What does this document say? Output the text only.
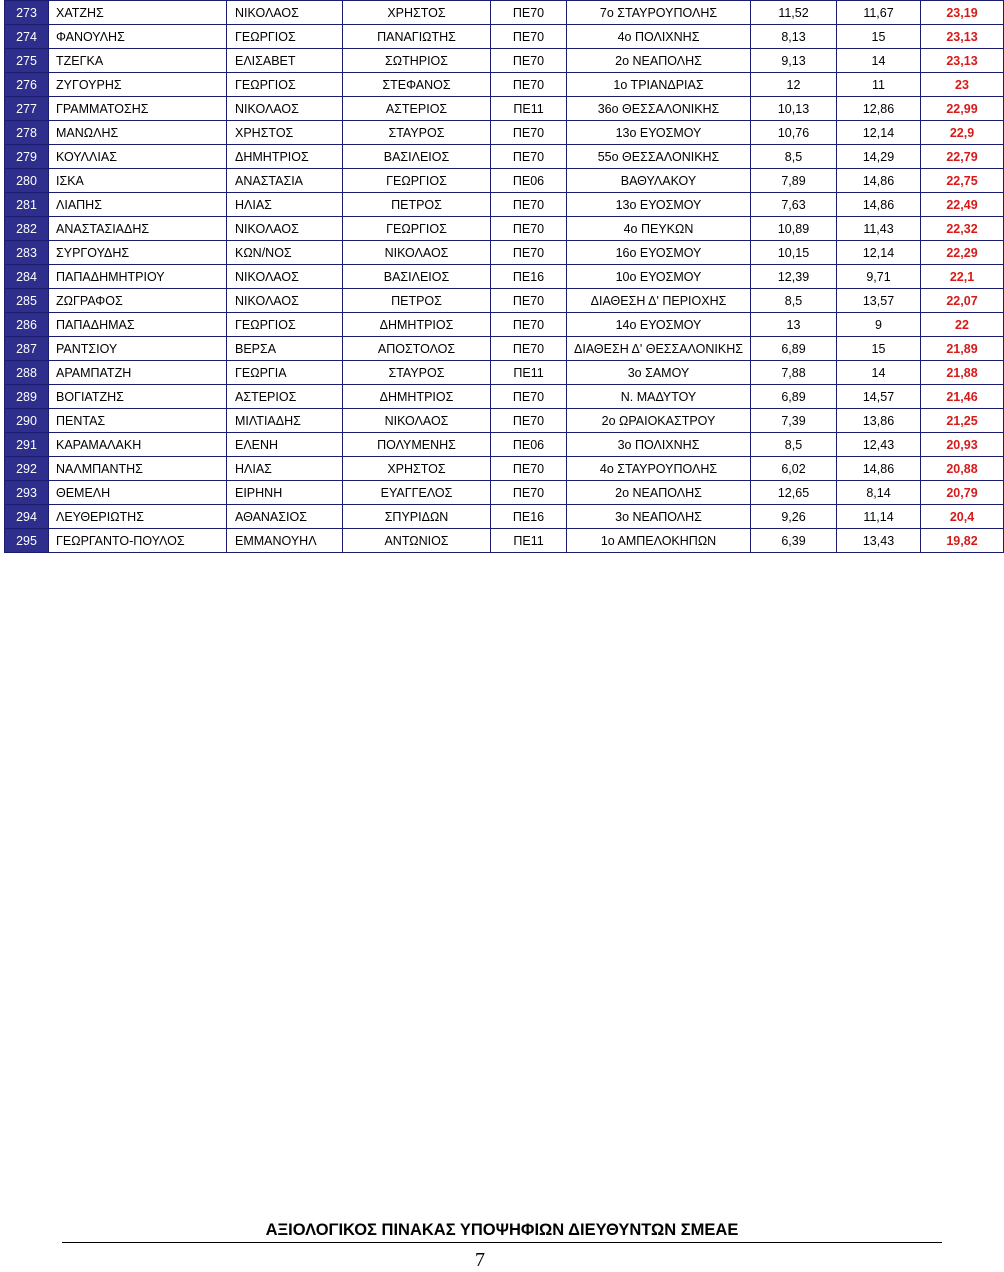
273	ΧΑΤΖΗΣ	ΝΙΚΟΛΑΟΣ	ΧΡΗΣΤΟΣ	ΠΕ70	7ο ΣΤΑΥΡΟΥΠΟΛΗΣ	11,52	11,67	23,19
274	ΦΑΝΟΥΛΗΣ	ΓΕΩΡΓΙΟΣ	ΠΑΝΑΓΙΩΤΗΣ	ΠΕ70	4ο ΠΟΛΙΧΝΗΣ	8,13	15	23,13
275	ΤΖΕΓΚΑ	ΕΛΙΣΑΒΕΤ	ΣΩΤΗΡΙΟΣ	ΠΕ70	2ο ΝΕΑΠΟΛΗΣ	9,13	14	23,13
276	ΖΥΓΟΥΡΗΣ	ΓΕΩΡΓΙΟΣ	ΣΤΕΦΑΝΟΣ	ΠΕ70	1ο ΤΡΙΑΝΔΡΙΑΣ	12	11	23
277	ΓΡΑΜΜΑΤΟΣΗΣ	ΝΙΚΟΛΑΟΣ	ΑΣΤΕΡΙΟΣ	ΠΕ11	36ο ΘΕΣΣΑΛΟΝΙΚΗΣ	10,13	12,86	22,99
278	ΜΑΝΩΛΗΣ	ΧΡΗΣΤΟΣ	ΣΤΑΥΡΟΣ	ΠΕ70	13ο ΕΥΟΣΜΟΥ	10,76	12,14	22,9
279	ΚΟΥΛΛΙΑΣ	ΔΗΜΗΤΡΙΟΣ	ΒΑΣΙΛΕΙΟΣ	ΠΕ70	55ο ΘΕΣΣΑΛΟΝΙΚΗΣ	8,5	14,29	22,79
280	ΙΣΚΑ	ΑΝΑΣΤΑΣΙΑ	ΓΕΩΡΓΙΟΣ	ΠΕ06	ΒΑΘΥΛΑΚΟΥ	7,89	14,86	22,75
281	ΛΙΑΠΗΣ	ΗΛΙΑΣ	ΠΕΤΡΟΣ	ΠΕ70	13ο ΕΥΟΣΜΟΥ	7,63	14,86	22,49
282	ΑΝΑΣΤΑΣΙΑΔΗΣ	ΝΙΚΟΛΑΟΣ	ΓΕΩΡΓΙΟΣ	ΠΕ70	4ο ΠΕΥΚΩΝ	10,89	11,43	22,32
283	ΣΥΡΓΟΥΔΗΣ	ΚΩΝ/ΝΟΣ	ΝΙΚΟΛΑΟΣ	ΠΕ70	16ο ΕΥΟΣΜΟΥ	10,15	12,14	22,29
284	ΠΑΠΑΔΗΜΗΤΡΙΟΥ	ΝΙΚΟΛΑΟΣ	ΒΑΣΙΛΕΙΟΣ	ΠΕ16	10ο ΕΥΟΣΜΟΥ	12,39	9,71	22,1
285	ΖΩΓΡΑΦΟΣ	ΝΙΚΟΛΑΟΣ	ΠΕΤΡΟΣ	ΠΕ70	ΔΙΑΘΕΣΗ Δ' ΠΕΡΙΟΧΗΣ	8,5	13,57	22,07
286	ΠΑΠΑΔΗΜΑΣ	ΓΕΩΡΓΙΟΣ	ΔΗΜΗΤΡΙΟΣ	ΠΕ70	14ο ΕΥΟΣΜΟΥ	13	9	22
287	ΡΑΝΤΣΙΟΥ	ΒΕΡΣΑ	ΑΠΟΣΤΟΛΟΣ	ΠΕ70	ΔΙΑΘΕΣΗ Δ' ΘΕΣΣΑΛΟΝΙΚΗΣ	6,89	15	21,89
288	ΑΡΑΜΠΑΤΖΗ	ΓΕΩΡΓΙΑ	ΣΤΑΥΡΟΣ	ΠΕ11	3ο ΣΑΜΟΥ	7,88	14	21,88
289	ΒΟΓΙΑΤΖΗΣ	ΑΣΤΕΡΙΟΣ	ΔΗΜΗΤΡΙΟΣ	ΠΕ70	Ν. ΜΑΔΥΤΟΥ	6,89	14,57	21,46
290	ΠΕΝΤΑΣ	ΜΙΛΤΙΑΔΗΣ	ΝΙΚΟΛΑΟΣ	ΠΕ70	2ο ΩΡΑΙΟΚΑΣΤΡΟΥ	7,39	13,86	21,25
291	ΚΑΡΑΜΑΛΑΚΗ	ΕΛΕΝΗ	ΠΟΛΥΜΕΝΗΣ	ΠΕ06	3ο ΠΟΛΙΧΝΗΣ	8,5	12,43	20,93
292	ΝΑΛΜΠΑΝΤΗΣ	ΗΛΙΑΣ	ΧΡΗΣΤΟΣ	ΠΕ70	4ο ΣΤΑΥΡΟΥΠΟΛΗΣ	6,02	14,86	20,88
293	ΘΕΜΕΛΗ	ΕΙΡΗΝΗ	ΕΥΑΓΓΕΛΟΣ	ΠΕ70	2ο ΝΕΑΠΟΛΗΣ	12,65	8,14	20,79
294	ΛΕΥΘΕΡΙΩΤΗΣ	ΑΘΑΝΑΣΙΟΣ	ΣΠΥΡΙΔΩΝ	ΠΕ16	3ο ΝΕΑΠΟΛΗΣ	9,26	11,14	20,4
295	ΓΕΩΡΓΑΝΤΟ-ΠΟΥΛΟΣ	ΕΜΜΑΝΟΥΗΛ	ΑΝΤΩΝΙΟΣ	ΠΕ11	1ο ΑΜΠΕΛΟΚΗΠΩΝ	6,39	13,43	19,82
ΑΞΙΟΛΟΓΙΚΟΣ ΠΙΝΑΚΑΣ ΥΠΟΨΗΦΙΩΝ ΔΙΕΥΘΥΝΤΩΝ ΣΜΕΑΕ
7
